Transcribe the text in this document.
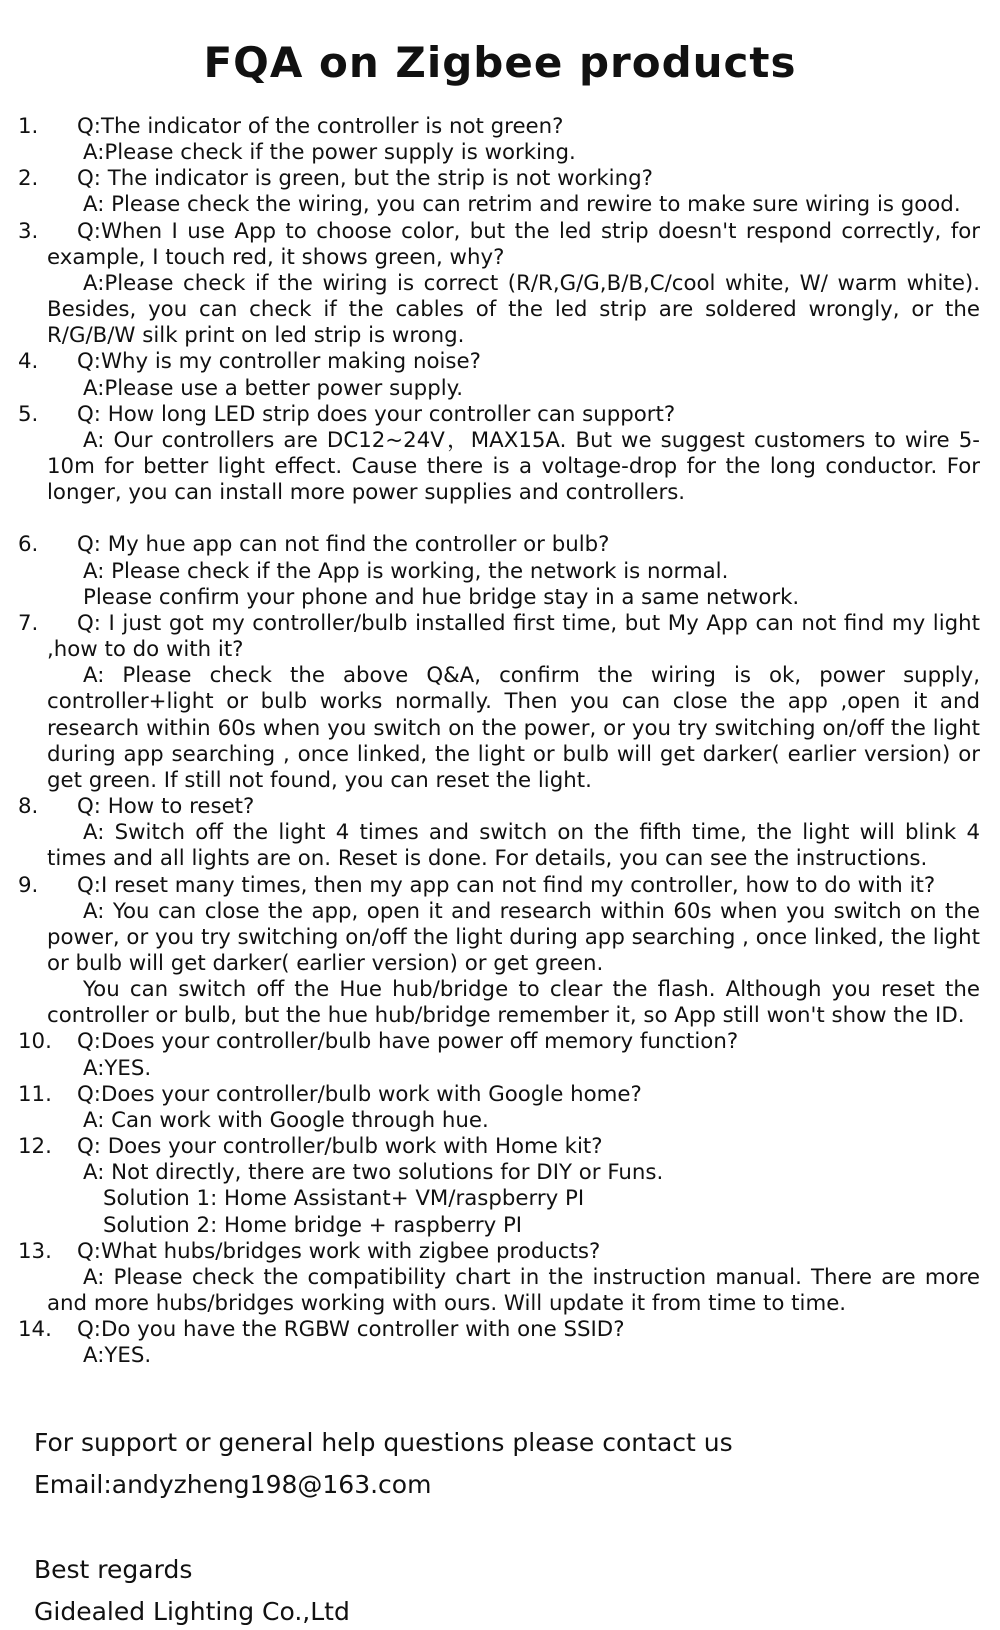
FQA on Zigbee products
1. Q:The indicator of the controller is not green?
A:Please check if the power supply is working.
2. Q: The indicator is green, but the strip is not working?
A: Please check the wiring, you can retrim and rewire to make sure wiring is good.
3. Q:When I use App to choose color, but the led strip doesn't respond correctly, for example, I touch red, it shows green, why?
A:Please check if the wiring is correct (R/R,G/G,B/B,C/cool white, W/ warm white). Besides, you can check if the cables of the led strip are soldered wrongly, or the R/G/B/W silk print on led strip is wrong.
4. Q:Why is my controller making noise?
A:Please use a better power supply.
5. Q: How long LED strip does your controller can support?
A: Our controllers are DC12~24V，MAX15A. But we suggest customers to wire 5-10m for better light effect. Cause there is a voltage-drop for the long conductor. For longer, you can install more power supplies and controllers.
6. Q: My hue app can not find the controller or bulb?
A: Please check if the App is working, the network is normal.
Please confirm your phone and hue bridge stay in a same network.
7. Q: I just got my controller/bulb installed first time, but My App can not find my light ,how to do with it?
A: Please check the above Q&A, confirm the wiring is ok, power supply, controller+light or bulb works normally. Then you can close the app ,open it and research within 60s when you switch on the power, or you try switching on/off the light during app searching , once linked, the light or bulb will get darker( earlier version) or get green. If still not found, you can reset the light.
8. Q: How to reset?
A: Switch off the light 4 times and switch on the fifth time, the light will blink 4 times and all lights are on. Reset is done. For details, you can see the instructions.
9. Q:I reset many times, then my app can not find my controller, how to do with it?
A: You can close the app, open it and research within 60s when you switch on the power, or you try switching on/off the light during app searching , once linked, the light or bulb will get darker( earlier version) or get green.
You can switch off the Hue hub/bridge to clear the flash. Although you reset the controller or bulb, but the hue hub/bridge remember it, so App still won't show the ID.
10. Q:Does your controller/bulb have power off memory function?
A:YES.
11. Q:Does your controller/bulb work with Google home?
A: Can work with Google through hue.
12. Q: Does your controller/bulb work with Home kit?
A: Not directly, there are two solutions for DIY or Funs.
Solution 1: Home Assistant+ VM/raspberry PI
Solution 2: Home bridge + raspberry PI
13. Q:What hubs/bridges work with zigbee products?
A: Please check the compatibility chart in the instruction manual. There are more and more hubs/bridges working with ours. Will update it from time to time.
14. Q:Do you have the RGBW controller with one SSID?
A:YES.
For support or general help questions please contact us
Email:andyzheng198@163.com
Best regards
Gidealed Lighting Co.,Ltd
